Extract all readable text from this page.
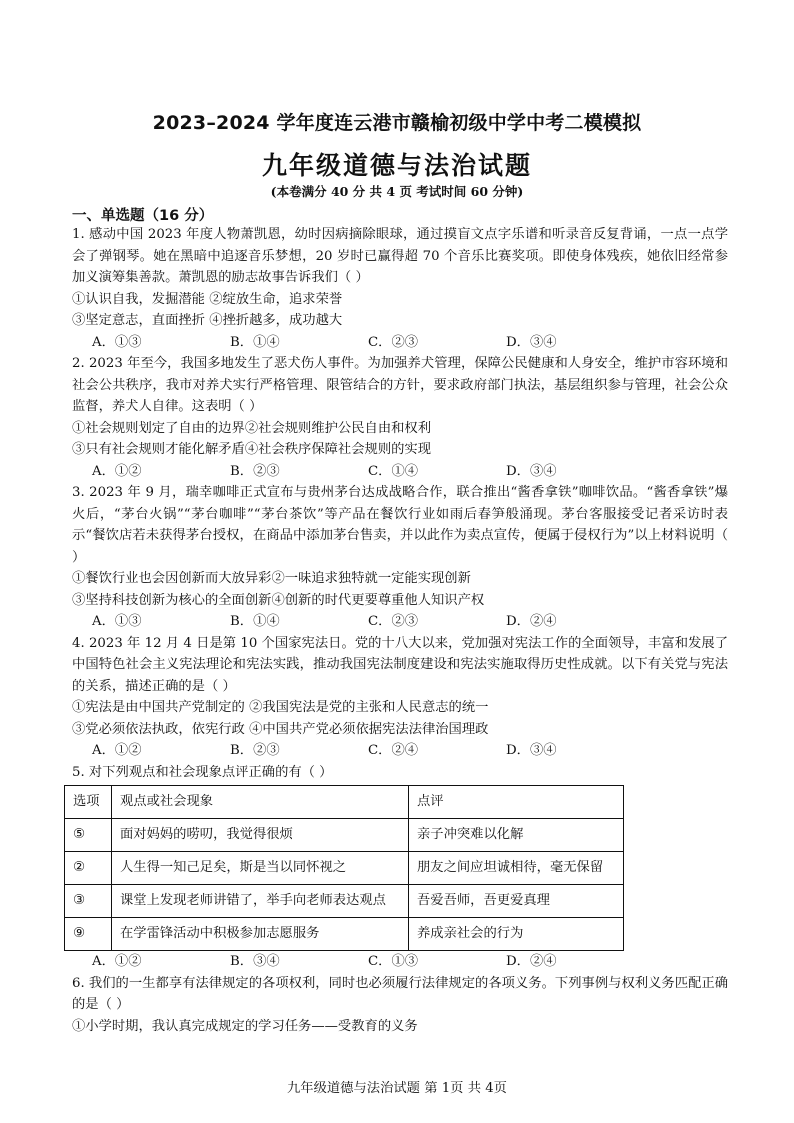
2023–2024 学年度连云港市赣榆初级中学中考二模模拟
九年级道德与法治试题
(本卷满分 40 分 共 4 页 考试时间 60 分钟)
一、单选题（16 分）

1. 感动中国 2023 年度人物萧凯恩，幼时因病摘除眼球，通过摸盲文点字乐谱和听录音反复背诵，一点一点学会了弹钢琴。她在黑暗中追逐音乐梦想，20 岁时已赢得超 70 个音乐比赛奖项。即使身体残疾，她依旧经常参加义演筹集善款。萧凯恩的励志故事告诉我们（ ）

①认识自我，发掘潜能 ②绽放生命，追求荣誉

③坚定意志，直面挫折 ④挫折越多，成功越大

A．①③	B．①④	C．②③	D．③④

2. 2023 年至今，我国多地发生了恶犬伤人事件。为加强养犬管理，保障公民健康和人身安全，维护市容环境和社会公共秩序，我市对养犬实行严格管理、限管结合的方针，要求政府部门执法，基层组织参与管理，社会公众监督，养犬人自律。这表明（ ）

①社会规则划定了自由的边界②社会规则维护公民自由和权利

③只有社会规则才能化解矛盾④社会秩序保障社会规则的实现

A．①②	B．②③	C．①④	D．③④

3. 2023 年 9 月，瑞幸咖啡正式宣布与贵州茅台达成战略合作，联合推出“酱香拿铁”咖啡饮品。“酱香拿铁”爆火后，“茅台火锅”“茅台咖啡”“茅台茶饮”等产品在餐饮行业如雨后春笋般涌现。茅台客服接受记者采访时表示“餐饮店若未获得茅台授权，在商品中添加茅台售卖，并以此作为卖点宣传，便属于侵权行为”以上材料说明（ ）

①餐饮行业也会因创新而大放异彩②一味追求独特就一定能实现创新

③坚持科技创新为核心的全面创新④创新的时代更要尊重他人知识产权

A．①③	B．①④	C．②③	D．②④

4. 2023 年 12 月 4 日是第 10 个国家宪法日。党的十八大以来，党加强对宪法工作的全面领导，丰富和发展了中国特色社会主义宪法理论和宪法实践，推动我国宪法制度建设和宪法实施取得历史性成就。以下有关党与宪法的关系，描述正确的是（ ）

①宪法是由中国共产党制定的 ②我国宪法是党的主张和人民意志的统一

③党必须依法执政，依宪行政 ④中国共产党必须依据宪法法律治国理政

A．①②	B．②③	C．②④	D．③④

5. 对下列观点和社会现象点评正确的有（ ）

选项	观点或社会现象	点评
⑤	面对妈妈的唠叨，我觉得很烦	亲子冲突难以化解
②	人生得一知己足矣，斯是当以同怀视之	朋友之间应坦诚相待，毫无保留
③	课堂上发现老师讲错了，举手向老师表达观点	吾爱吾师，吾更爱真理
⑨	在学雷锋活动中积极参加志愿服务	养成亲社会的行为
A．①②	B．③④	C．①③	D．②④

6. 我们的一生都享有法律规定的各项权利，同时也必须履行法律规定的各项义务。下列事例与权利义务匹配正确的是（ ）

①小学时期，我认真完成规定的学习任务——受教育的义务

九年级道德与法治试题 第 1页 共 4页
